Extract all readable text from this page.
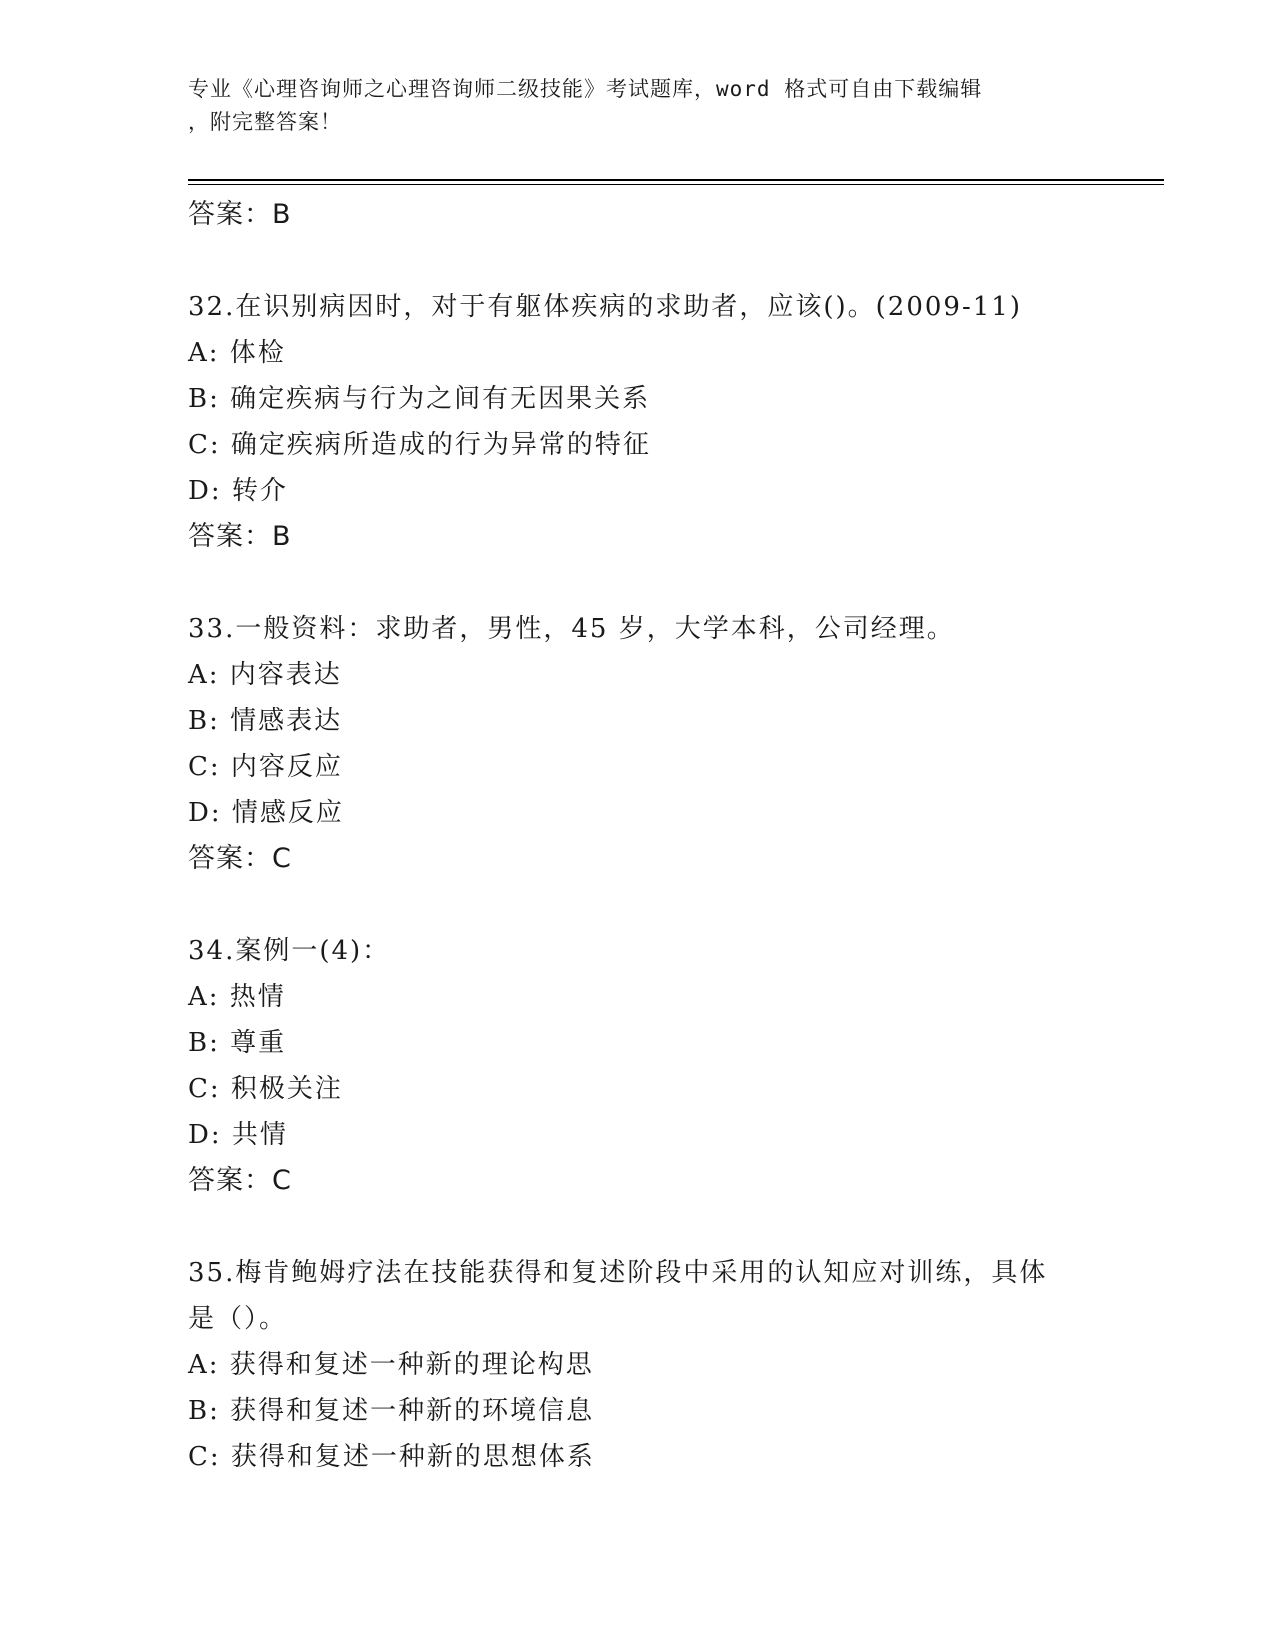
专业《心理咨询师之心理咨询师二级技能》考试题库，word 格式可自由下载编辑
，附完整答案！
答案：B
32.在识别病因时，对于有躯体疾病的求助者，应该()。(2009-11)
A: 体检
B: 确定疾病与行为之间有无因果关系
C: 确定疾病所造成的行为异常的特征
D: 转介
答案：B
33.一般资料：求助者，男性，45 岁，大学本科，公司经理。
A: 内容表达
B: 情感表达
C: 内容反应
D: 情感反应
答案：C
34.案例一(4)：
A: 热情
B: 尊重
C: 积极关注
D: 共情
答案：C
35.梅肯鲍姆疗法在技能获得和复述阶段中采用的认知应对训练，具体
是（）。
A: 获得和复述一种新的理论构思
B: 获得和复述一种新的环境信息
C: 获得和复述一种新的思想体系
